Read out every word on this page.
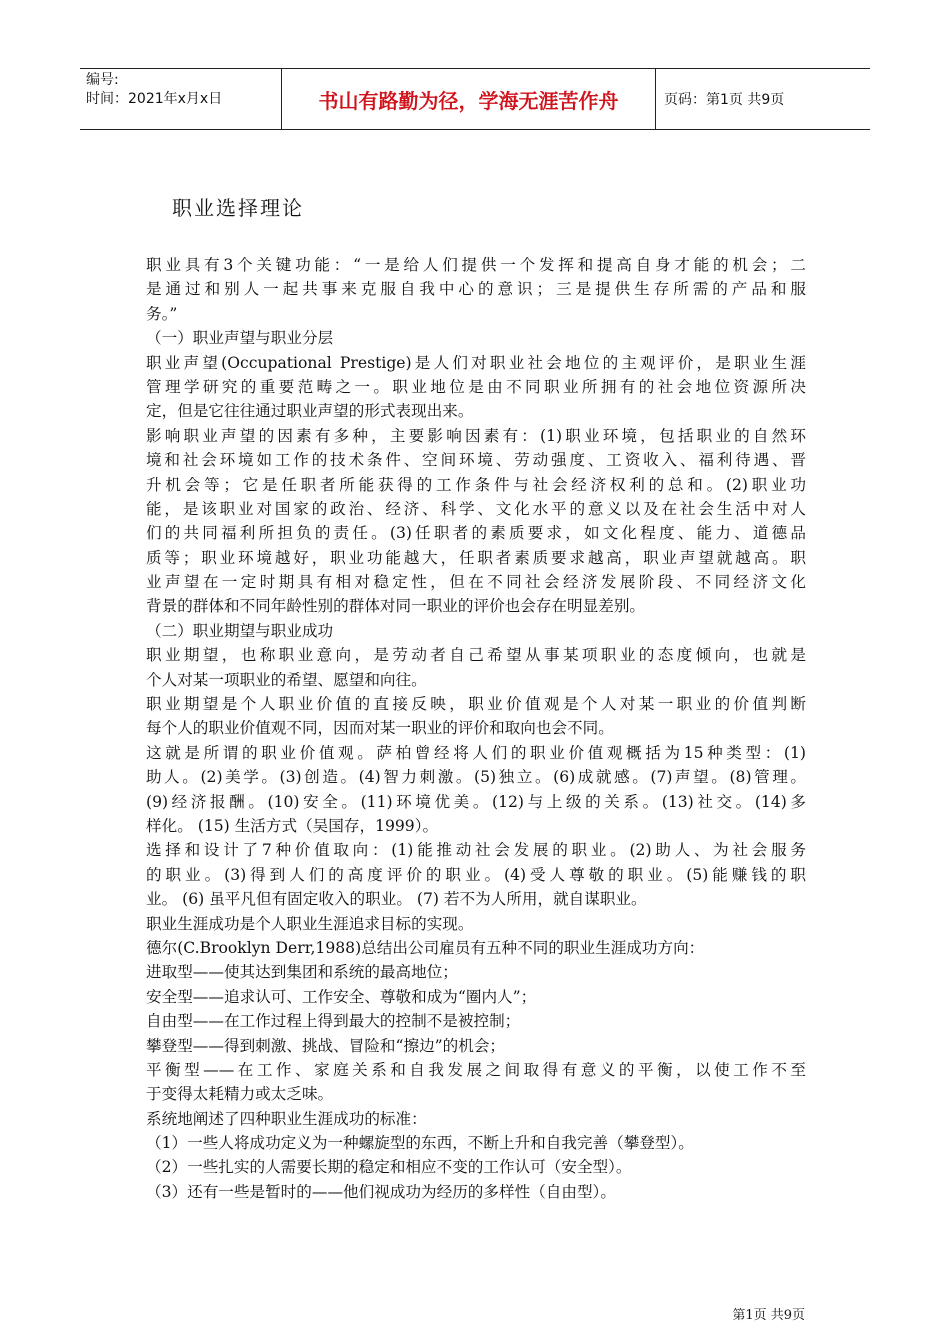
编号:
时间：2021年x月x日	书山有路勤为径，学海无涯苦作舟	页码：第1页 共9页
职业选择理论
职业具有3个关键功能：“一是给人们提供一个发挥和提高自身才能的机会；二
是通过和别人一起共事来克服自我中心的意识；三是提供生存所需的产品和服
务。”
（一）职业声望与职业分层
职业声望(Occupational Prestige)是人们对职业社会地位的主观评价，是职业生涯
管理学研究的重要范畴之一。职业地位是由不同职业所拥有的社会地位资源所决
定，但是它往往通过职业声望的形式表现出来。
影响职业声望的因素有多种，主要影响因素有：(1)职业环境，包括职业的自然环
境和社会环境如工作的技术条件、空间环境、劳动强度、工资收入、福利待遇、晋
升机会等；它是任职者所能获得的工作条件与社会经济权利的总和。(2)职业功
能，是该职业对国家的政治、经济、科学、文化水平的意义以及在社会生活中对人
们的共同福利所担负的责任。(3)任职者的素质要求，如文化程度、能力、道德品
质等；职业环境越好，职业功能越大，任职者素质要求越高，职业声望就越高。职
业声望在一定时期具有相对稳定性，但在不同社会经济发展阶段、不同经济文化
背景的群体和不同年龄性别的群体对同一职业的评价也会存在明显差别。
（二）职业期望与职业成功
职业期望，也称职业意向，是劳动者自己希望从事某项职业的态度倾向，也就是
个人对某一项职业的希望、愿望和向往。
职业期望是个人职业价值的直接反映，职业价值观是个人对某一职业的价值判断
每个人的职业价值观不同，因而对某一职业的评价和取向也会不同。
这就是所谓的职业价值观。萨柏曾经将人们的职业价值观概括为15种类型：(1)
助人。(2)美学。(3)创造。(4)智力刺激。(5)独立。(6)成就感。(7)声望。(8)管理。
(9)经济报酬。(10)安全。(11)环境优美。(12)与上级的关系。(13)社交。(14)多
样化。 (15) 生活方式（吴国存，1999）。
选择和设计了7种价值取向：(1)能推动社会发展的职业。(2)助人、为社会服务
的职业。(3)得到人们的高度评价的职业。(4)受人尊敬的职业。(5)能赚钱的职
业。 (6) 虽平凡但有固定收入的职业。 (7) 若不为人所用，就自谋职业。
职业生涯成功是个人职业生涯追求目标的实现。
德尔(C.Brooklyn Derr,1988)总结出公司雇员有五种不同的职业生涯成功方向：
进取型——使其达到集团和系统的最高地位；
安全型——追求认可、工作安全、尊敬和成为“圈内人”；
自由型——在工作过程上得到最大的控制不是被控制；
攀登型——得到刺激、挑战、冒险和“擦边”的机会；
平衡型——在工作、家庭关系和自我发展之间取得有意义的平衡，以使工作不至
于变得太耗精力或太乏味。
系统地阐述了四种职业生涯成功的标准：
（1）一些人将成功定义为一种螺旋型的东西，不断上升和自我完善（攀登型）。
（2）一些扎实的人需要长期的稳定和相应不变的工作认可（安全型）。
（3）还有一些是暂时的——他们视成功为经历的多样性（自由型）。
第1页 共9页
